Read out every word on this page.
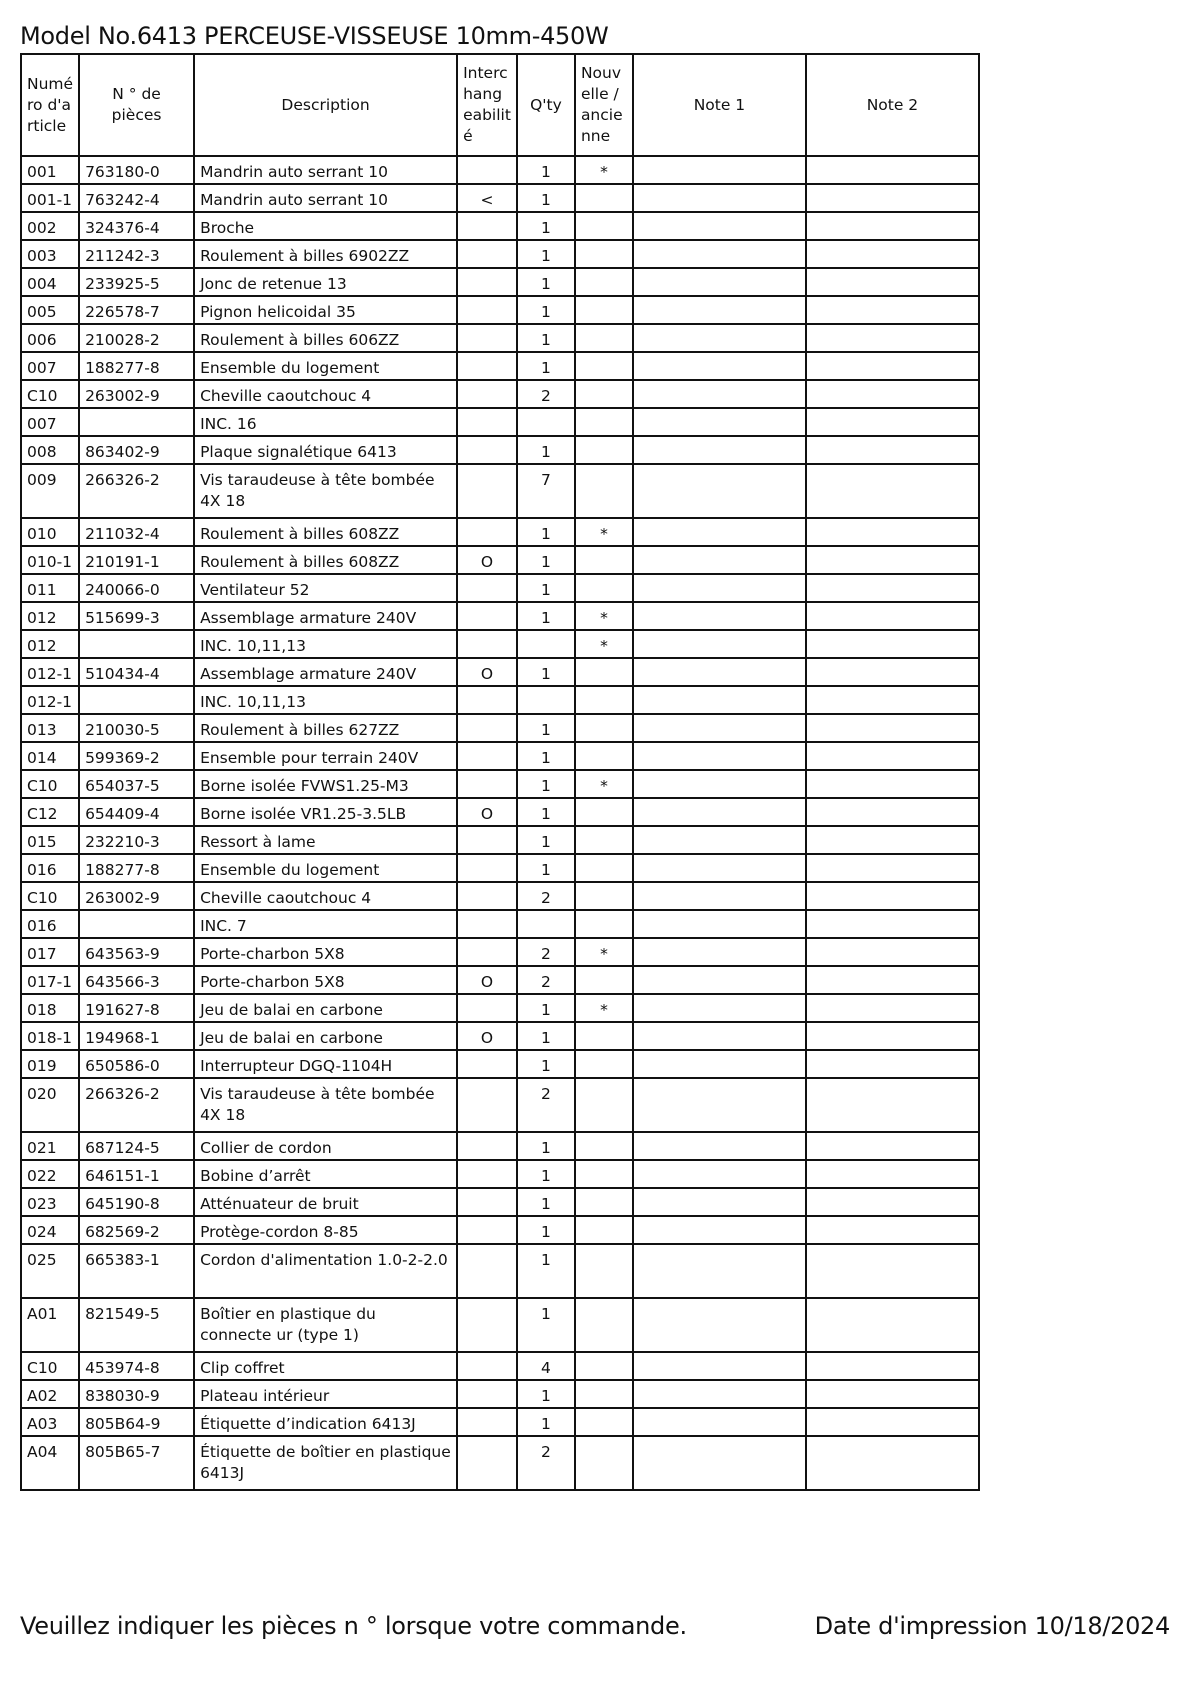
Model No.6413 PERCEUSE-VISSEUSE 10mm-450W
Numé ro d'a rticle	N ° de pièces	Description	Interc hang eabilit é	Q'ty	Nouv elle / ancie nne	Note 1	Note 2
001	763180-0	Mandrin auto serrant 10		1	*		
001-1	763242-4	Mandrin auto serrant 10	<	1			
002	324376-4	Broche		1			
003	211242-3	Roulement à billes 6902ZZ		1			
004	233925-5	Jonc de retenue 13		1			
005	226578-7	Pignon helicoidal 35		1			
006	210028-2	Roulement à billes 606ZZ		1			
007	188277-8	Ensemble du logement		1			
C10	263002-9	Cheville caoutchouc 4		2			
007		INC. 16					
008	863402-9	Plaque signalétique 6413		1			
009	266326-2	Vis taraudeuse à tête bombée 4X 18		7			
010	211032-4	Roulement à billes 608ZZ		1	*		
010-1	210191-1	Roulement à billes 608ZZ	O	1			
011	240066-0	Ventilateur 52		1			
012	515699-3	Assemblage armature 240V		1	*		
012		INC. 10,11,13			*		
012-1	510434-4	Assemblage armature 240V	O	1			
012-1		INC. 10,11,13					
013	210030-5	Roulement à billes 627ZZ		1			
014	599369-2	Ensemble pour terrain 240V		1			
C10	654037-5	Borne isolée FVWS1.25-M3		1	*		
C12	654409-4	Borne isolée VR1.25-3.5LB	O	1			
015	232210-3	Ressort à lame		1			
016	188277-8	Ensemble du logement		1			
C10	263002-9	Cheville caoutchouc 4		2			
016		INC. 7					
017	643563-9	Porte-charbon 5X8		2	*		
017-1	643566-3	Porte-charbon 5X8	O	2			
018	191627-8	Jeu de balai en carbone		1	*		
018-1	194968-1	Jeu de balai en carbone	O	1			
019	650586-0	Interrupteur DGQ-1104H		1			
020	266326-2	Vis taraudeuse à tête bombée 4X 18		2			
021	687124-5	Collier de cordon		1			
022	646151-1	Bobine d’arrêt		1			
023	645190-8	Atténuateur de bruit		1			
024	682569-2	Protège-cordon 8-85		1			
025	665383-1	Cordon d'alimentation 1.0-2-2.0		1			
A01	821549-5	Boîtier en plastique du connecte ur (type 1)		1			
C10	453974-8	Clip coffret		4			
A02	838030-9	Plateau intérieur		1			
A03	805B64-9	Étiquette d’indication 6413J		1			
A04	805B65-7	Étiquette de boîtier en plastique 6413J		2			
Veuillez indiquer les pièces n ° lorsque votre commande.	Date d'impression 10/18/2024
